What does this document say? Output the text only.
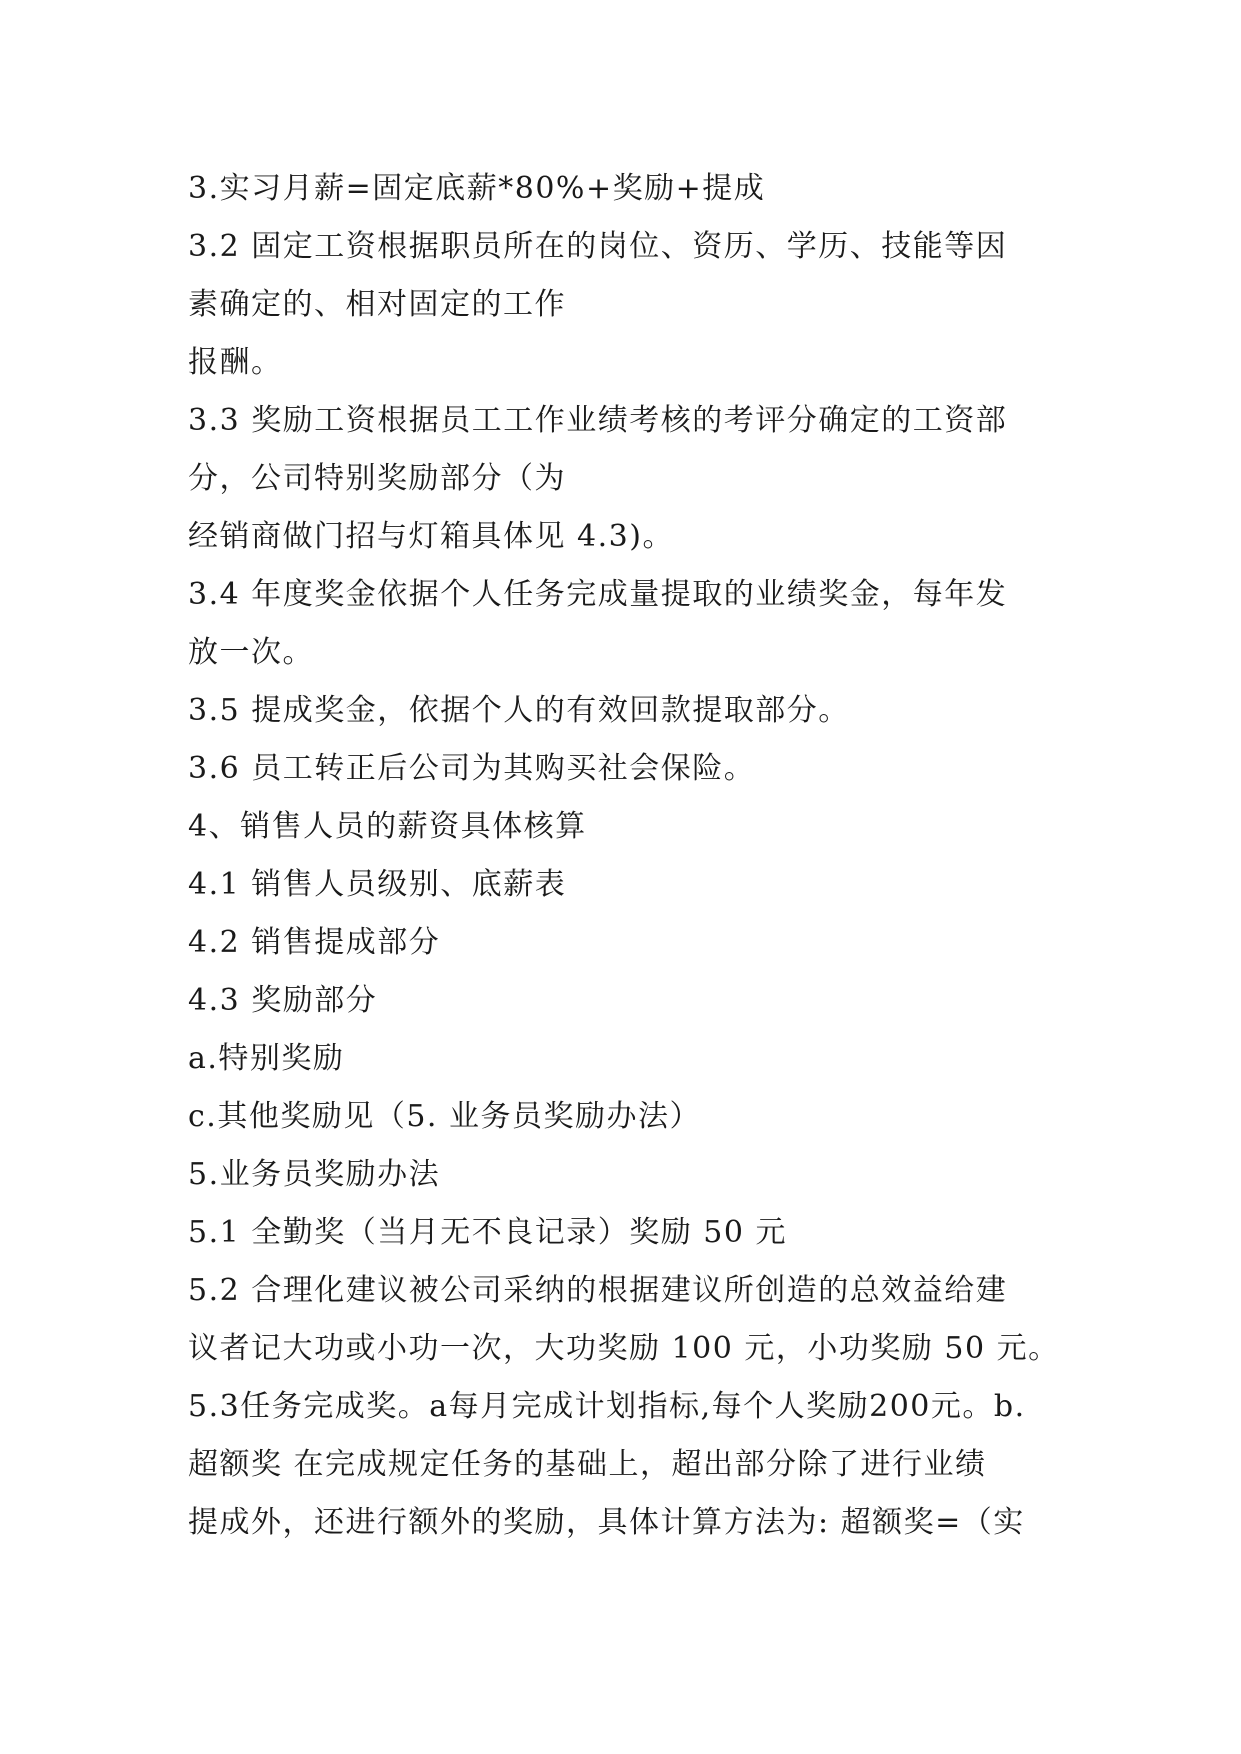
3.实习月薪=固定底薪*80%+奖励+提成
3.2 固定工资根据职员所在的岗位、资历、学历、技能等因
素确定的、相对固定的工作
报酬。
3.3 奖励工资根据员工工作业绩考核的考评分确定的工资部
分，公司特别奖励部分（为
经销商做门招与灯箱具体见 4.3)。
3.4 年度奖金依据个人任务完成量提取的业绩奖金，每年发
放一次。
3.5 提成奖金，依据个人的有效回款提取部分。
3.6 员工转正后公司为其购买社会保险。
4、销售人员的薪资具体核算
4.1 销售人员级别、底薪表
4.2 销售提成部分
4.3 奖励部分
a.特别奖励
c.其他奖励见（5. 业务员奖励办法）
5.业务员奖励办法
5.1 全勤奖（当月无不良记录）奖励 50 元
5.2 合理化建议被公司采纳的根据建议所创造的总效益给建
议者记大功或小功一次，大功奖励 100 元，小功奖励 50 元。
5.3任务完成奖。a每月完成计划指标,每个人奖励200元。b.
超额奖 在完成规定任务的基础上，超出部分除了进行业绩
提成外，还进行额外的奖励，具体计算方法为: 超额奖=（实
